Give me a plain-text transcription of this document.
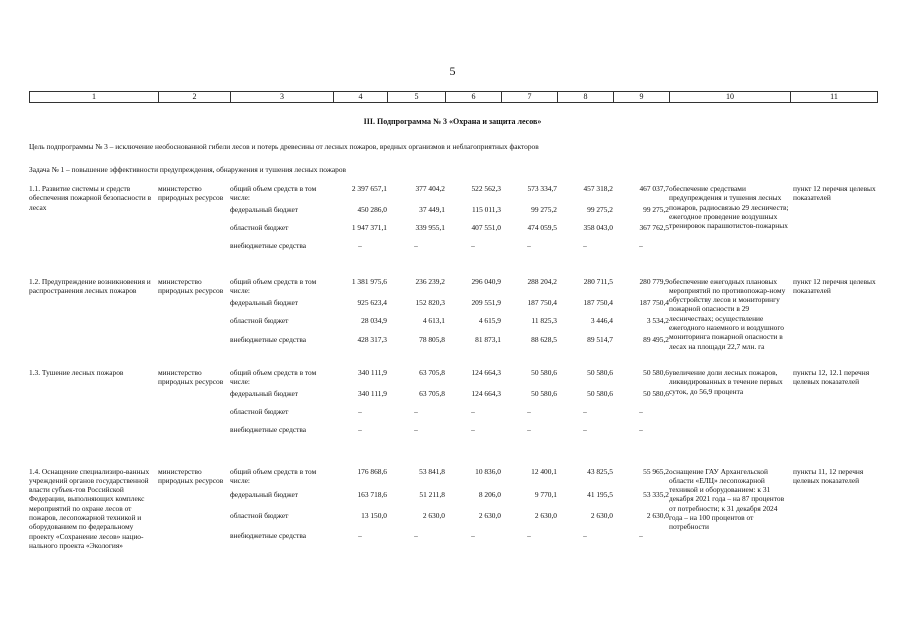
5
1	2	3	4	5	6	7	8	9	10	11
III. Подпрограмма № 3 «Охрана и защита лесов»
Цель подпрограммы № 3 – исключение необоснованной гибели лесов и потерь древесины от лесных пожаров, вредных организмов и неблагоприятных факторов
Задача № 1 – повышение эффективности предупреждения, обнаружения и тушения лесных пожаров
1.1. Развитие системы и средств обеспечения пожарной безопасности в лесах	министерство природных ресурсов	общий объем средств в том числе:	2 397 657,1	377 404,2	522 562,3	573 334,7	457 318,2	467 037,7	обеспечение средствами предупреждения и тушения лесных пожаров, радиосвязью 29 лесничеств; ежегодное проведение воздушных тренировок парашютистов-пожарных	пункт 12 перечня целевых показателей
		федеральный бюджет	450 286,0	37 449,1	115 011,3	99 275,2	99 275,2	99 275,2		
		областной бюджет	1 947 371,1	339 955,1	407 551,0	474 059,5	358 043,0	367 762,5		
		внебюджетные средства	–	–	–	–	–	–		

1.2. Предупреждение возникновения и распространения лесных пожаров	министерство природных ресурсов	общий объем средств в том числе:	1 381 975,6	236 239,2	296 040,9	288 204,2	280 711,5	280 779,9	обеспечение ежегодных плановых мероприятий по противопожар-ному обустройству лесов и мониторингу пожарной опасности в 29 лесничествах; осуществление ежегодного наземного и воздушного мониторинга пожарной опасности в лесах на площади 22,7 млн. га	пункт 12 перечня целевых показателей
		федеральный бюджет	925 623,4	152 820,3	209 551,9	187 750,4	187 750,4	187 750,4		
		областной бюджет	28 034,9	4 613,1	4 615,9	11 825,3	3 446,4	3 534,2		
		внебюджетные средства	428 317,3	78 805,8	81 873,1	88 628,5	89 514,7	89 495,2		

1.3. Тушение лесных пожаров	министерство природных ресурсов	общий объем средств в том числе:	340 111,9	63 705,8	124 664,3	50 580,6	50 580,6	50 580,6	увеличение доли лесных пожаров, ликвидированных в течение первых суток, до 56,9 процента	пункты 12, 12.1 перечня целевых показателей
		федеральный бюджет	340 111,9	63 705,8	124 664,3	50 580,6	50 580,6	50 580,6		
		областной бюджет	–	–	–	–	–	–		
		внебюджетные средства	–	–	–	–	–	–		

1.4. Оснащение специализиро-ванных учреждений органов государственной власти субъек-тов Российской Федерации, выполняющих комплекс мероприятий по охране лесов от пожаров, лесопожарной техникой и оборудованием по федеральному проекту «Сохранение лесов» нацио-нального проекта «Экология»	министерство природных ресурсов	общий объем средств в том числе:	176 868,6	53 841,8	10 836,0	12 400,1	43 825,5	55 965,2	оснащение ГАУ Архангельской области «ЕЛЦ» лесопожарной техникой и оборудованием: к 31 декабря 2021 года – на 87 процентов от потребности; к 31 декабря 2024 года – на 100 процентов от потребности	пункты 11, 12 перечня целевых показателей
		федеральный бюджет	163 718,6	51 211,8	8 206,0	9 770,1	41 195,5	53 335,2		
		областной бюджет	13 150,0	2 630,0	2 630,0	2 630,0	2 630,0	2 630,0		
		внебюджетные средства	–	–	–	–	–	–		
